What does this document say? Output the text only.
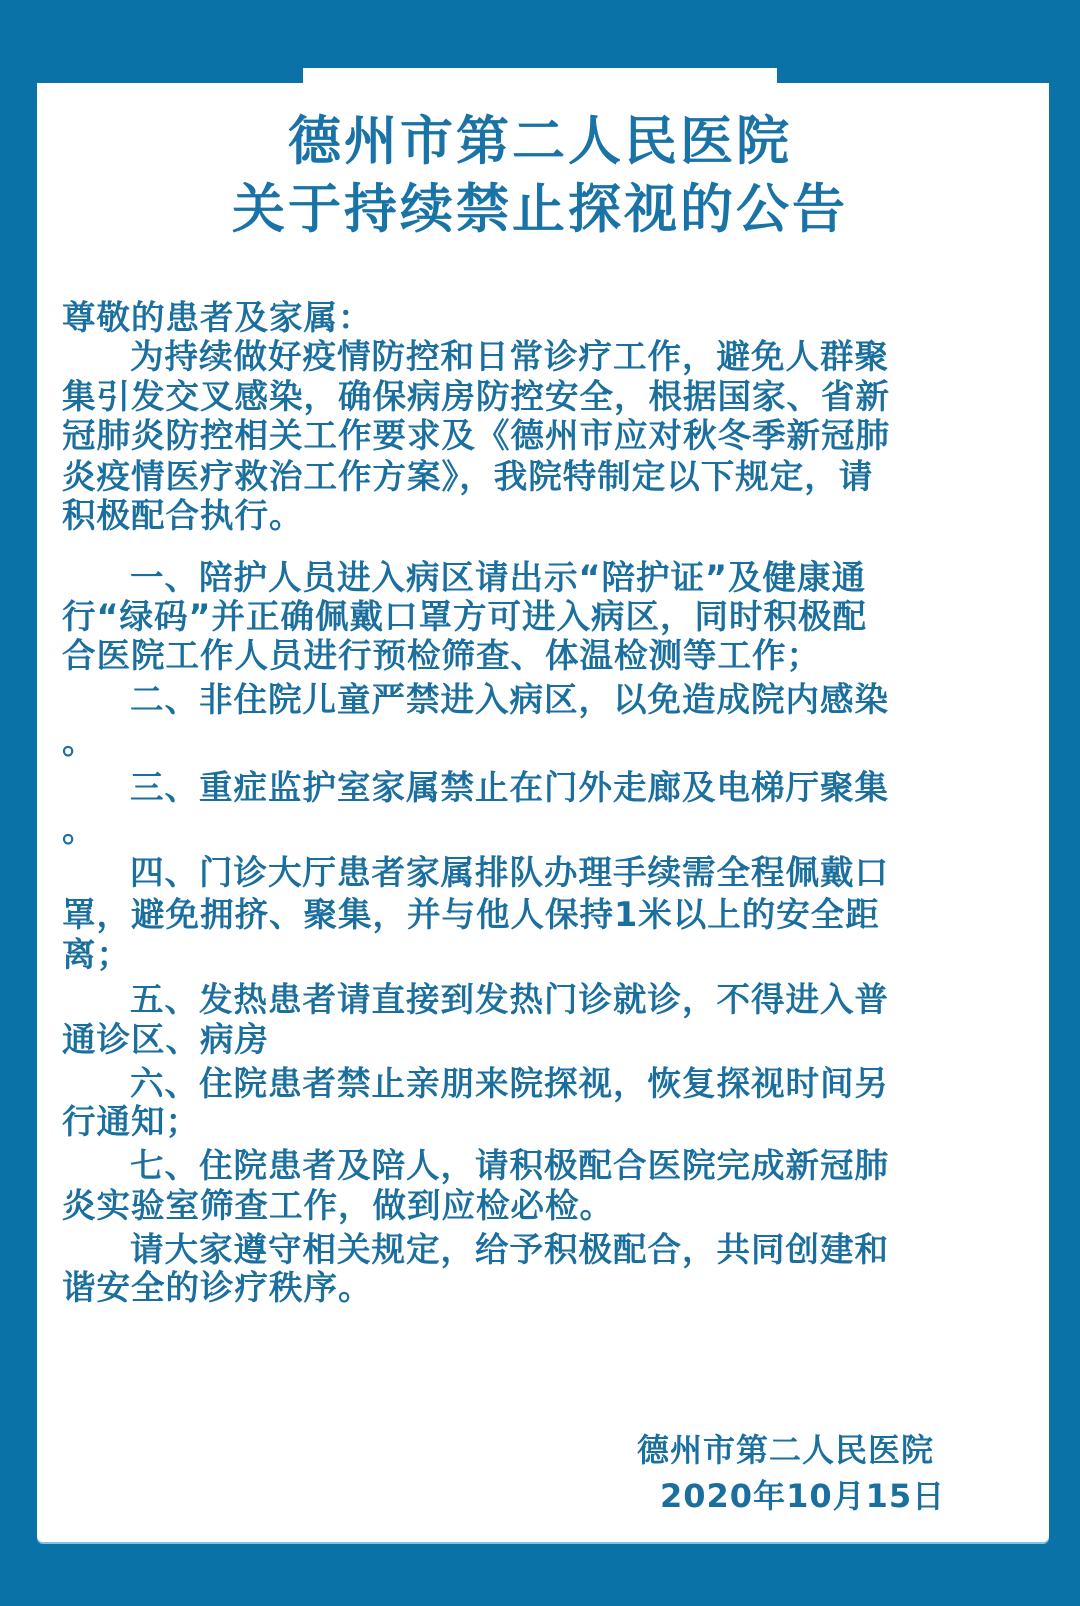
德州市第二人民医院
关于持续禁止探视的公告
尊敬的患者及家属：
为持续做好疫情防控和日常诊疗工作，避免人群聚
集引发交叉感染，确保病房防控安全，根据国家、省新
冠肺炎防控相关工作要求及《德州市应对秋冬季新冠肺
炎疫情医疗救治工作方案》，我院特制定以下规定，请
积极配合执行。
一、陪护人员进入病区请出示“陪护证”及健康通
行“绿码”并正确佩戴口罩方可进入病区，同时积极配
合医院工作人员进行预检筛查、体温检测等工作；
二、非住院儿童严禁进入病区，以免造成院内感染
。
三、重症监护室家属禁止在门外走廊及电梯厅聚集
。
四、门诊大厅患者家属排队办理手续需全程佩戴口
罩，避免拥挤、聚集，并与他人保持1米以上的安全距
离；
五、发热患者请直接到发热门诊就诊，不得进入普
通诊区、病房
六、住院患者禁止亲朋来院探视，恢复探视时间另
行通知；
七、住院患者及陪人，请积极配合医院完成新冠肺
炎实验室筛查工作，做到应检必检。
请大家遵守相关规定，给予积极配合，共同创建和
谐安全的诊疗秩序。
德州市第二人民医院
2020年10月15日
